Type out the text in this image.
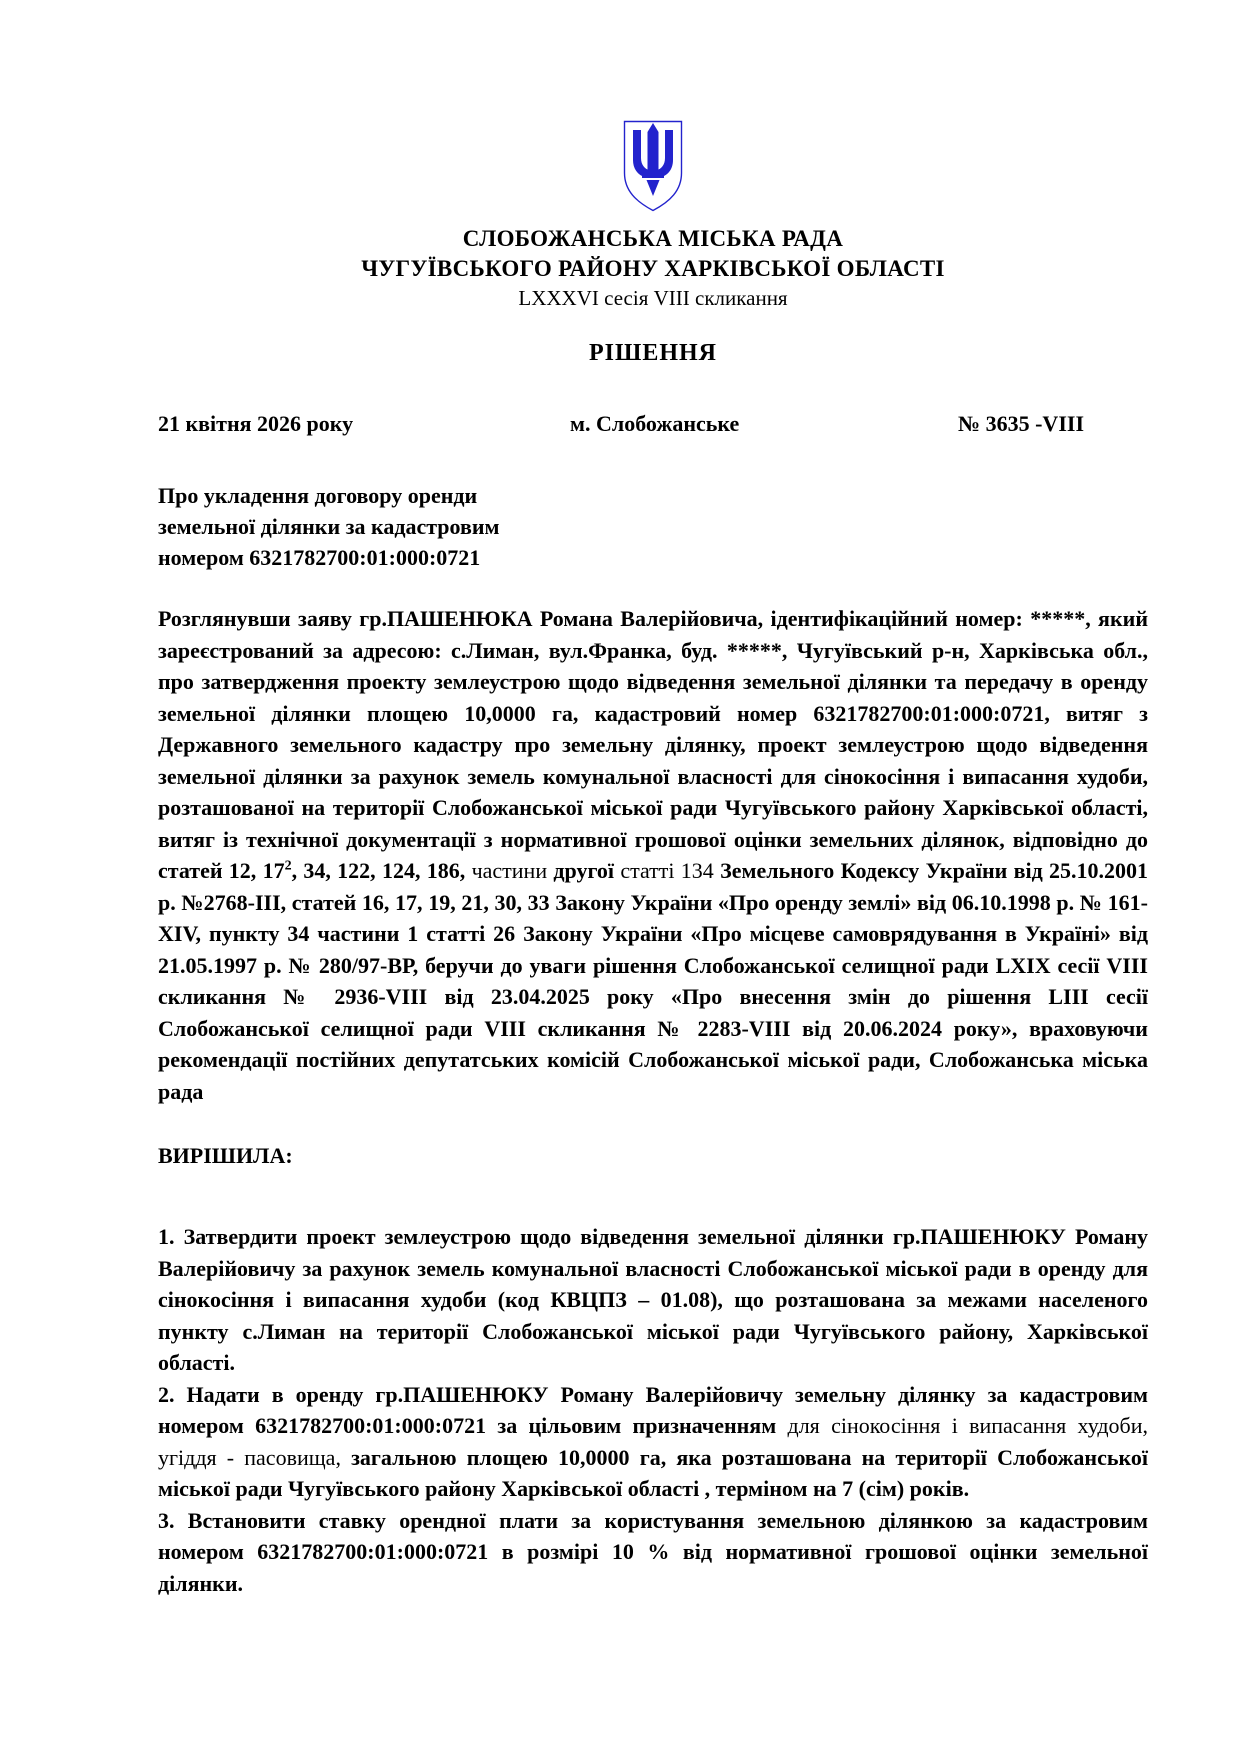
СЛОБОЖАНСЬКА МІСЬКА РАДА
ЧУГУЇВСЬКОГО РАЙОНУ ХАРКІВСЬКОЇ ОБЛАСТІ
LXXXVI сесія VIII скликання
РІШЕННЯ
21 квітня 2026 року	м. Слобожанське	№ 3635 -VIII
Про укладення договору оренди
земельної ділянки за кадастровим
номером 6321782700:01:000:0721

Розглянувши заяву гр.ПАШЕНЮКА Романа Валерійовича, ідентифікаційний номер: *****, який зареєстрований за адресою: с.Лиман, вул.Франка, буд. *****, Чугуївський р-н, Харківська обл., про затвердження проекту землеустрою щодо відведення земельної ділянки та передачу в оренду земельної ділянки площею 10,0000 га, кадастровий номер 6321782700:01:000:0721, витяг з Державного земельного кадастру про земельну ділянку, проект землеустрою щодо відведення земельної ділянки за рахунок земель комунальної власності для сінокосіння і випасання худоби, розташованої на території Слобожанської міської ради Чугуївського району Харківської області, витяг із технічної документації з нормативної грошової оцінки земельних ділянок, відповідно до статей 12, $17^2$, 34, 122, 124, 186, частини другої статті 134 Земельного Кодексу України від 25.10.2001 р. №2768-III, статей 16, 17, 19, 21, 30, 33 Закону України «Про оренду землі» від 06.10.1998 р. № 161-XIV, пункту 34 частини 1 статті 26 Закону України «Про місцеве самоврядування в Україні» від 21.05.1997 р. № 280/97-ВР, беручи до уваги рішення Слобожанської селищної ради LXIX сесії VIII скликання № 2936-VIII від 23.04.2025 року «Про внесення змін до рішення LIII сесії Слобожанської селищної ради VIII скликання № 2283-VIII від 20.06.2024 року», враховуючи рекомендації постійних депутатських комісій Слобожанської міської ради, Слобожанська міська рада

ВИРІШИЛА:

1. Затвердити проект землеустрою щодо відведення земельної ділянки гр.ПАШЕНЮКУ Роману Валерійовичу за рахунок земель комунальної власності Слобожанської міської ради в оренду для сінокосіння і випасання худоби (код КВЦПЗ – 01.08), що розташована за межами населеного пункту с.Лиман на території Слобожанської міської ради Чугуївського району, Харківської області.

2. Надати в оренду гр.ПАШЕНЮКУ Роману Валерійовичу земельну ділянку за кадастровим номером 6321782700:01:000:0721 за цільовим призначенням для сінокосіння і випасання худоби, угіддя - пасовища, загальною площею 10,0000 га, яка розташована на території Слобожанської міської ради Чугуївського району Харківської області , терміном на 7 (сім) років.

3. Встановити ставку орендної плати за користування земельною ділянкою за кадастровим номером 6321782700:01:000:0721 в розмірі 10 % від нормативної грошової оцінки земельної ділянки.
